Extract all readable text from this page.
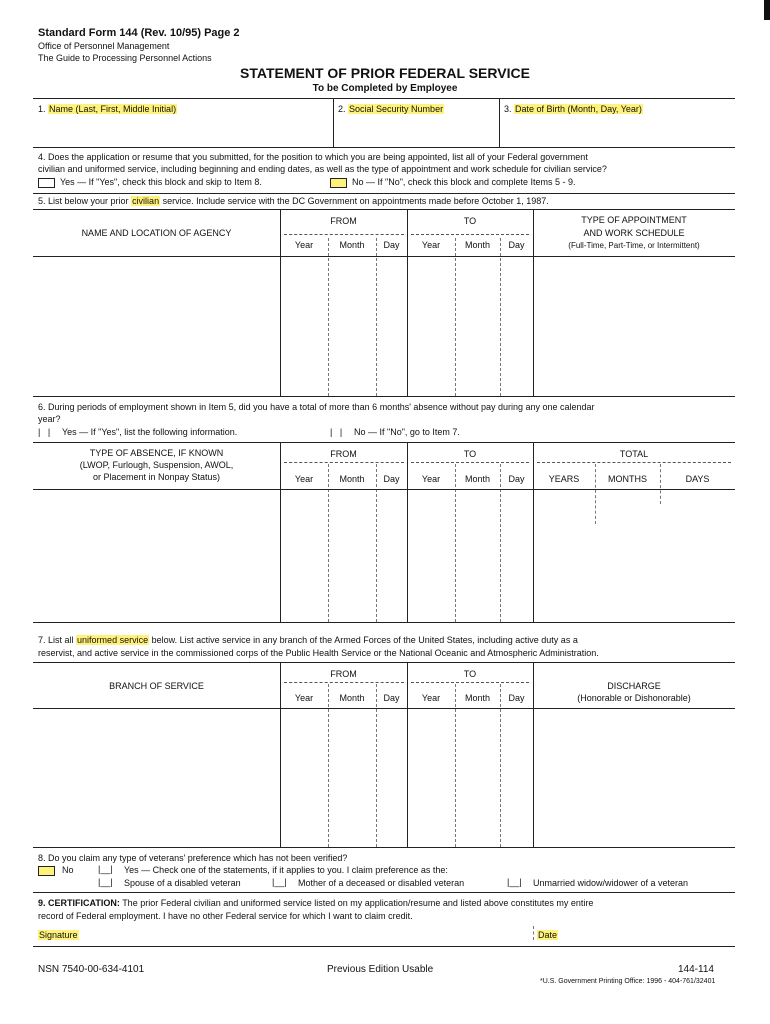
Standard Form 144 (Rev. 10/95) Page 2
Office of Personnel Management
The Guide to Processing Personnel Actions
STATEMENT OF PRIOR FEDERAL SERVICE
To be Completed by Employee
1. Name (Last, First, Middle Initial)	2. Social Security Number	3. Date of Birth (Month, Day, Year)
4. Does the application or resume that you submitted, for the position to which you are being appointed, list all of your Federal government
civilian and uniformed service, including beginning and ending dates, as well as the type of appointment and work schedule for civilian service?
Yes — If "Yes", check this block and skip to Item 8.	No — If "No", check this block and complete Items 5 - 9.
5. List below your prior civilian service. Include service with the DC Government on appointments made before October 1, 1987.
NAME AND LOCATION OF AGENCY
FROM	TO	TYPE OF APPOINTMENT
AND WORK SCHEDULE
(Full-Time, Part-Time, or Intermittent)
Year	Month	Day	Year	Month	Day
6. During periods of employment shown in Item 5, did you have a total of more than 6 months' absence without pay during any one calendar
year?
|   | Yes — If "Yes", list the following information.	|   | No — If "No", go to Item 7.
TYPE OF ABSENCE, IF KNOWN
(LWOP, Furlough, Suspension, AWOL,
or Placement in Nonpay Status)
FROM	TO	TOTAL
Year	Month	Day	Year	Month	Day	YEARS	MONTHS	DAYS
7. List all uniformed service below. List active service in any branch of the Armed Forces of the United States, including active duty as a
reservist, and active service in the commissioned corps of the Public Health Service or the National Oceanic and Atmospheric Administration.
BRANCH OF SERVICE
FROM	TO
DISCHARGE
(Honorable or Dishonorable)
Year	Month	Day	Year	Month	Day
8. Do you claim any type of veterans' preference which has not been verified?
No	|__| Yes — Check one of the statements, if it applies to you. I claim preference as the:
|__| Spouse of a disabled veteran	|__| Mother of a deceased or disabled veteran	|__| Unmarried widow/widower of a veteran
9. CERTIFICATION: The prior Federal civilian and uniformed service listed on my application/resume and listed above constitutes my entire
record of Federal employment. I have no other Federal service for which I want to claim credit.
Signature	Date
NSN 7540-00-634-4101	Previous Edition Usable	144-114
*U.S. Government Printing Office: 1996 - 404-761/32401
